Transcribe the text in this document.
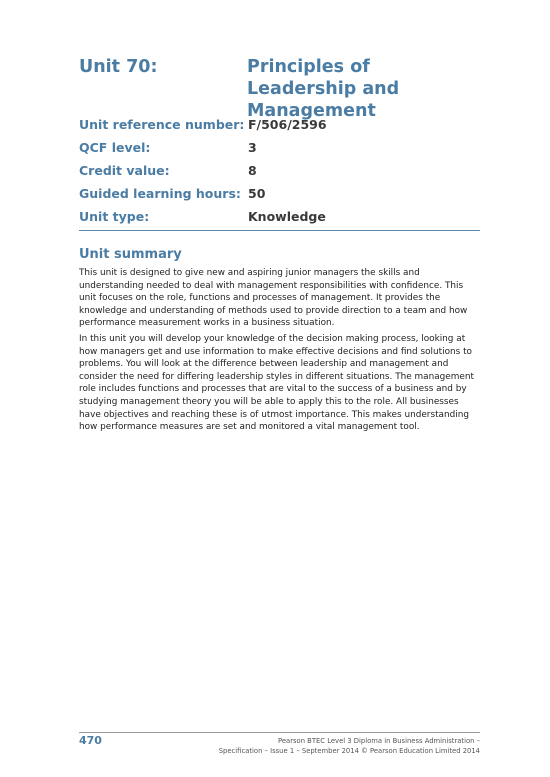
Unit 70:	Principles of Leadership and Management
Unit reference number: F/506/2596
QCF level:	3
Credit value:	8
Guided learning hours: 50
Unit type:	Knowledge
Unit summary

This unit is designed to give new and aspiring junior managers the skills and understanding needed to deal with management responsibilities with confidence. This unit focuses on the role, functions and processes of management. It provides the knowledge and understanding of methods used to provide direction to a team and how performance measurement works in a business situation.

In this unit you will develop your knowledge of the decision making process, looking at how managers get and use information to make effective decisions and find solutions to problems. You will look at the difference between leadership and management and consider the need for differing leadership styles in different situations. The management role includes functions and processes that are vital to the success of a business and by studying management theory you will be able to apply this to the role. All businesses have objectives and reaching these is of utmost importance. This makes understanding how performance measures are set and monitored a vital management tool.

470	Pearson BTEC Level 3 Diploma in Business Administration –
Specification – Issue 1 – September 2014 © Pearson Education Limited 2014
